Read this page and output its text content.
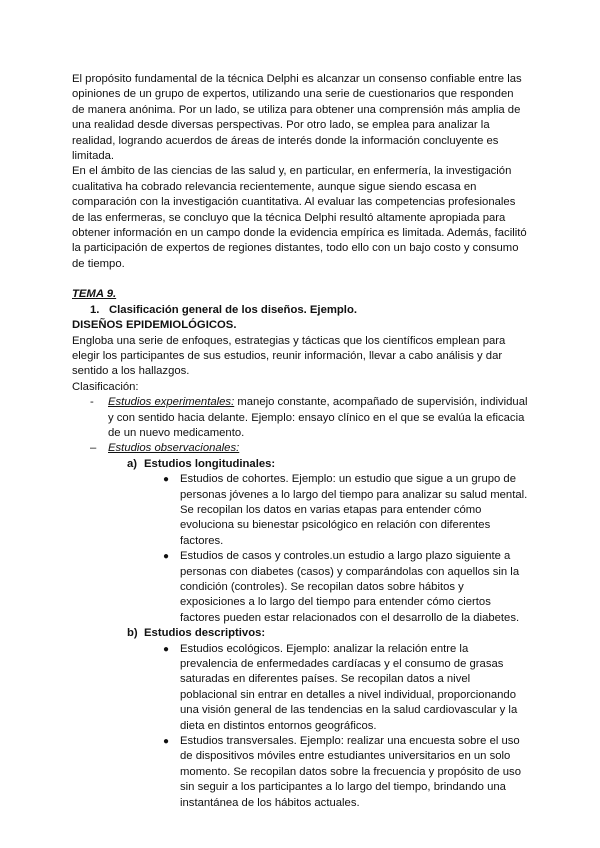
El propósito fundamental de la técnica Delphi es alcanzar un consenso confiable entre las opiniones de un grupo de expertos, utilizando una serie de cuestionarios que responden de manera anónima. Por un lado, se utiliza para obtener una comprensión más amplia de una realidad desde diversas perspectivas. Por otro lado, se emplea para analizar la realidad, logrando acuerdos de áreas de interés donde la información concluyente es limitada.

En el ámbito de las ciencias de las salud y, en particular, en enfermería, la investigación cualitativa ha cobrado relevancia recientemente, aunque sigue siendo escasa en comparación con la investigación cuantitativa. Al evaluar las competencias profesionales de las enfermeras, se concluyo que la técnica Delphi resultó altamente apropiada para obtener información en un campo donde la evidencia empírica es limitada. Además, facilitó la participación de expertos de regiones distantes, todo ello con un bajo costo y consumo de tiempo.

TEMA 9.

1. Clasificación general de los diseños. Ejemplo.

DISEÑOS EPIDEMIOLÓGICOS.

Engloba una serie de enfoques, estrategias y tácticas que los científicos emplean para elegir los participantes de sus estudios, reunir información, llevar a cabo análisis y dar sentido a los hallazgos.

Clasificación:

-	Estudios experimentales: manejo constante, acompañado de supervisión, individual y con sentido hacia delante. Ejemplo: ensayo clínico en el que se evalúa la eficacia de un nuevo medicamento.
–	Estudios observacionales:
a) Estudios longitudinales:
● Estudios de cohortes. Ejemplo: un estudio que sigue a un grupo de personas jóvenes a lo largo del tiempo para analizar su salud mental. Se recopilan los datos en varias etapas para entender cómo evoluciona su bienestar psicológico en relación con diferentes factores.
● Estudios de casos y controles.un estudio a largo plazo siguiente a personas con diabetes (casos) y comparándolas con aquellos sin la condición (controles). Se recopilan datos sobre hábitos y exposiciones a lo largo del tiempo para entender cómo ciertos factores pueden estar relacionados con el desarrollo de la diabetes.
b) Estudios descriptivos:
● Estudios ecológicos. Ejemplo: analizar la relación entre la prevalencia de enfermedades cardíacas y el consumo de grasas saturadas en diferentes países. Se recopilan datos a nivel poblacional sin entrar en detalles a nivel individual, proporcionando una visión general de las tendencias en la salud cardiovascular y la dieta en distintos entornos geográficos.
● Estudios transversales. Ejemplo: realizar una encuesta sobre el uso de dispositivos móviles entre estudiantes universitarios en un solo momento. Se recopilan datos sobre la frecuencia y propósito de uso sin seguir a los participantes a lo largo del tiempo, brindando una instantánea de los hábitos actuales.
